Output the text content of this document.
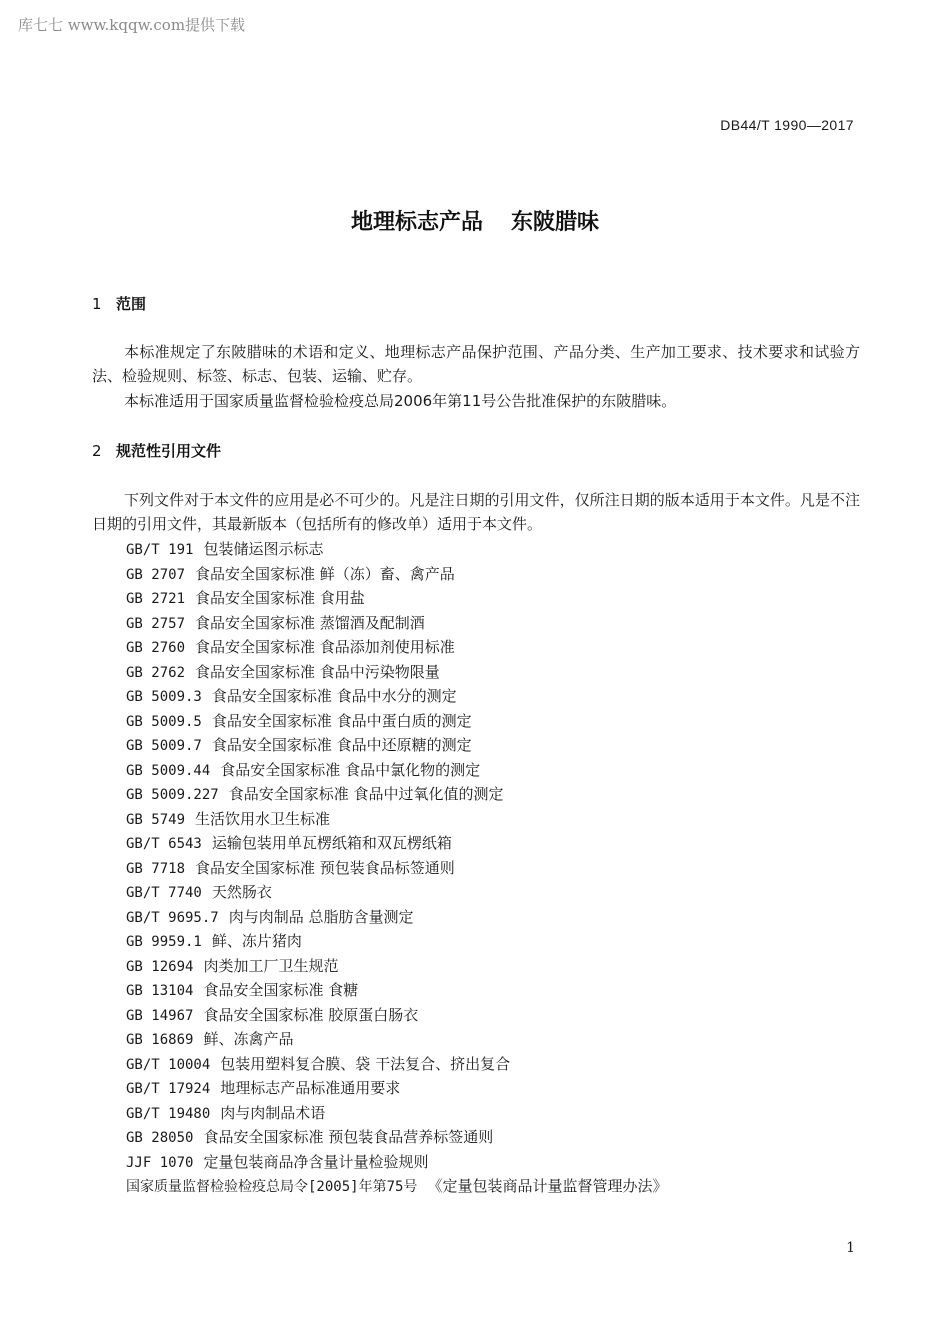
库七七 www.kqqw.com提供下载
DB44/T 1990—2017
地理标志产品 东陂腊味
1 范围
本标准规定了东陂腊味的术语和定义、地理标志产品保护范围、产品分类、生产加工要求、技术要求和试验方法、检验规则、标签、标志、包装、运输、贮存。
本标准适用于国家质量监督检验检疫总局2006年第11号公告批准保护的东陂腊味。
2 规范性引用文件
下列文件对于本文件的应用是必不可少的。凡是注日期的引用文件，仅所注日期的版本适用于本文件。凡是不注日期的引用文件，其最新版本（包括所有的修改单）适用于本文件。
GB/T 191 包装储运图示标志
GB 2707 食品安全国家标准 鲜（冻）畜、禽产品
GB 2721 食品安全国家标准 食用盐
GB 2757 食品安全国家标准 蒸馏酒及配制酒
GB 2760 食品安全国家标准 食品添加剂使用标准
GB 2762 食品安全国家标准 食品中污染物限量
GB 5009.3 食品安全国家标准 食品中水分的测定
GB 5009.5 食品安全国家标准 食品中蛋白质的测定
GB 5009.7 食品安全国家标准 食品中还原糖的测定
GB 5009.44 食品安全国家标准 食品中氯化物的测定
GB 5009.227 食品安全国家标准 食品中过氧化值的测定
GB 5749 生活饮用水卫生标准
GB/T 6543 运输包装用单瓦楞纸箱和双瓦楞纸箱
GB 7718 食品安全国家标准 预包装食品标签通则
GB/T 7740 天然肠衣
GB/T 9695.7 肉与肉制品 总脂肪含量测定
GB 9959.1 鲜、冻片猪肉
GB 12694 肉类加工厂卫生规范
GB 13104 食品安全国家标准 食糖
GB 14967 食品安全国家标准 胶原蛋白肠衣
GB 16869 鲜、冻禽产品
GB/T 10004 包装用塑料复合膜、袋 干法复合、挤出复合
GB/T 17924 地理标志产品标准通用要求
GB/T 19480 肉与肉制品术语
GB 28050 食品安全国家标准 预包装食品营养标签通则
JJF 1070 定量包装商品净含量计量检验规则
国家质量监督检验检疫总局令[2005]年第75号 《定量包装商品计量监督管理办法》
1
